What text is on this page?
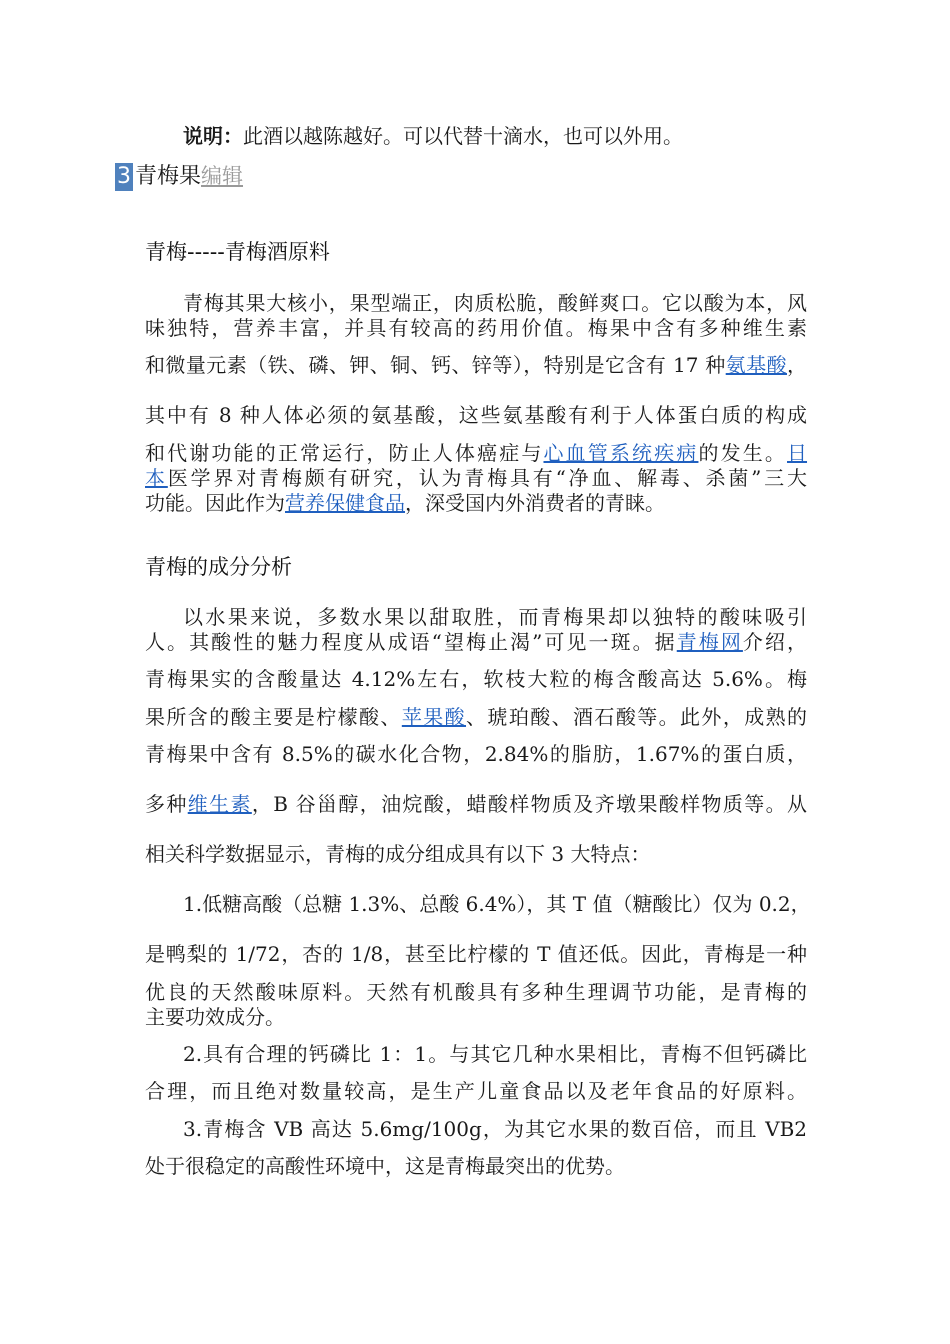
说明：此酒以越陈越好。可以代替十滴水，也可以外用。
3 青梅果编辑
青梅-----青梅酒原料
青梅其果大核小，果型端正，肉质松脆，酸鲜爽口。它以酸为本，风
味独特，营养丰富，并具有较高的药用价值。梅果中含有多种维生素
和微量元素（铁、磷、钾、铜、钙、锌等），特别是它含有 17 种氨基酸，
其中有 8 种人体必须的氨基酸，这些氨基酸有利于人体蛋白质的构成
和代谢功能的正常运行，防止人体癌症与心血管系统疾病的发生。日
本医学界对青梅颇有研究，认为青梅具有“净血、解毒、杀菌”三大
功能。因此作为营养保健食品，深受国内外消费者的青睐。
青梅的成分分析
以水果来说，多数水果以甜取胜，而青梅果却以独特的酸味吸引
人。其酸性的魅力程度从成语“望梅止渴”可见一斑。据青梅网介绍，
青梅果实的含酸量达 4.12%左右，软枝大粒的梅含酸高达 5.6%。梅
果所含的酸主要是柠檬酸、苹果酸、琥珀酸、酒石酸等。此外，成熟的
青梅果中含有 8.5%的碳水化合物，2.84%的脂肪，1.67%的蛋白质，
多种维生素，B 谷甾醇，油烷酸，蜡酸样物质及齐墩果酸样物质等。从
相关科学数据显示，青梅的成分组成具有以下 3 大特点：
1.低糖高酸（总糖 1.3%、总酸 6.4%），其 T 值（糖酸比）仅为 0.2，
是鸭梨的 1/72，杏的 1/8，甚至比柠檬的 T 值还低。因此，青梅是一种
优良的天然酸味原料。天然有机酸具有多种生理调节功能，是青梅的
主要功效成分。
2.具有合理的钙磷比 1：1。与其它几种水果相比，青梅不但钙磷比
合理，而且绝对数量较高，是生产儿童食品以及老年食品的好原料。
3.青梅含 VB 高达 5.6mg/100g，为其它水果的数百倍，而且 VB2
处于很稳定的高酸性环境中，这是青梅最突出的优势。
